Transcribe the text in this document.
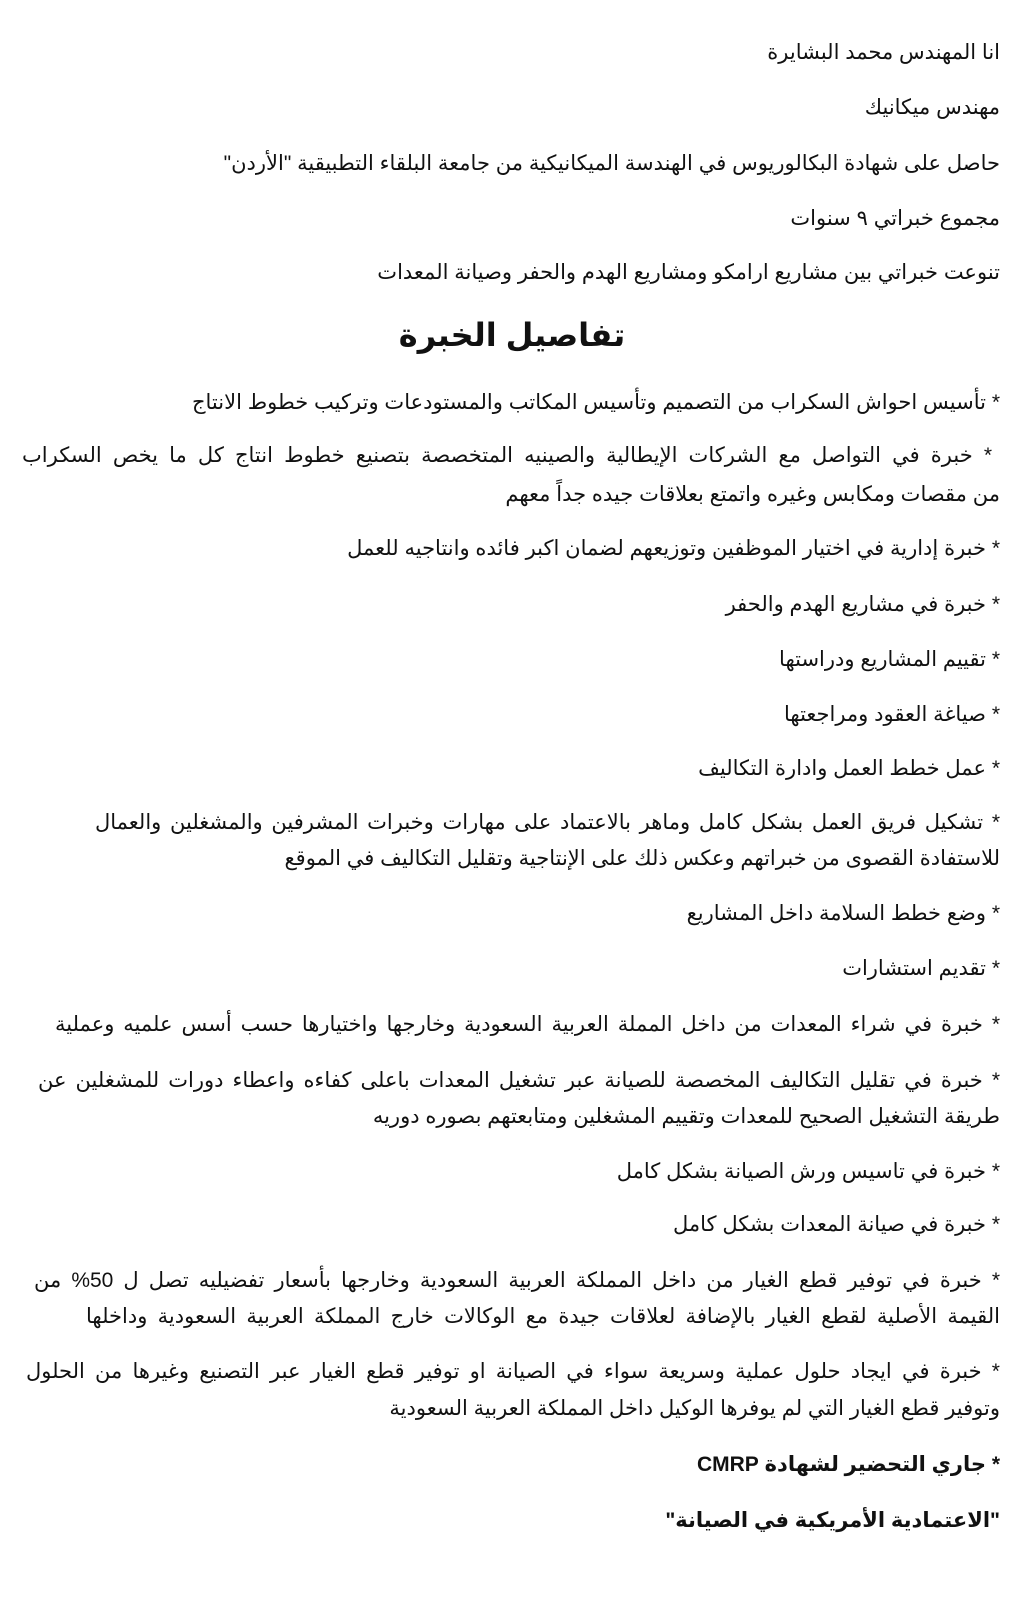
انا المهندس محمد البشايرة
مهندس ميكانيك
حاصل على شهادة البكالوريوس في الهندسة الميكانيكية من جامعة البلقاء التطبيقية "الأردن"
مجموع خبراتي ٩ سنوات
تنوعت خبراتي بين مشاريع ارامكو ومشاريع الهدم والحفر وصيانة المعدات
تفاصيل الخبرة
* تأسيس احواش السكراب من التصميم وتأسيس المكاتب والمستودعات وتركيب خطوط الانتاج
* خبرة في التواصل مع الشركات الإيطالية والصينيه المتخصصة بتصنيع خطوط انتاج كل ما يخص السكراب
من مقصات ومكابس وغيره واتمتع بعلاقات جيده جداً معهم
* خبرة إدارية في اختيار الموظفين وتوزيعهم لضمان اكبر فائده وانتاجيه للعمل
* خبرة في مشاريع الهدم والحفر
* تقييم المشاريع ودراستها
* صياغة العقود ومراجعتها
* عمل خطط العمل وادارة التكاليف
* تشكيل فريق العمل بشكل كامل وماهر بالاعتماد على مهارات وخبرات المشرفين والمشغلين والعمال
للاستفادة القصوى من خبراتهم وعكس ذلك على الإنتاجية وتقليل التكاليف في الموقع
* وضع خطط السلامة داخل المشاريع
* تقديم استشارات
* خبرة في شراء المعدات من داخل المملة العربية السعودية وخارجها واختيارها حسب أسس علميه وعملية
* خبرة في تقليل التكاليف المخصصة للصيانة عبر تشغيل المعدات باعلى كفاءه واعطاء دورات للمشغلين عن
طريقة التشغيل الصحيح للمعدات وتقييم المشغلين ومتابعتهم بصوره دوريه
* خبرة في تاسيس ورش الصيانة بشكل كامل
* خبرة في صيانة المعدات بشكل كامل
* خبرة في توفير قطع الغيار من داخل المملكة العربية السعودية وخارجها بأسعار تفضيليه تصل ل 50% من
القيمة الأصلية لقطع الغيار بالإضافة لعلاقات جيدة مع الوكالات خارج المملكة العربية السعودية وداخلها
* خبرة في ايجاد حلول عملية وسريعة سواء في الصيانة او توفير قطع الغيار عبر التصنيع وغيرها من الحلول
وتوفير قطع الغيار التي لم يوفرها الوكيل داخل المملكة العربية السعودية
* جاري التحضير لشهادة CMRP
"الاعتمادية الأمريكية في الصيانة"
